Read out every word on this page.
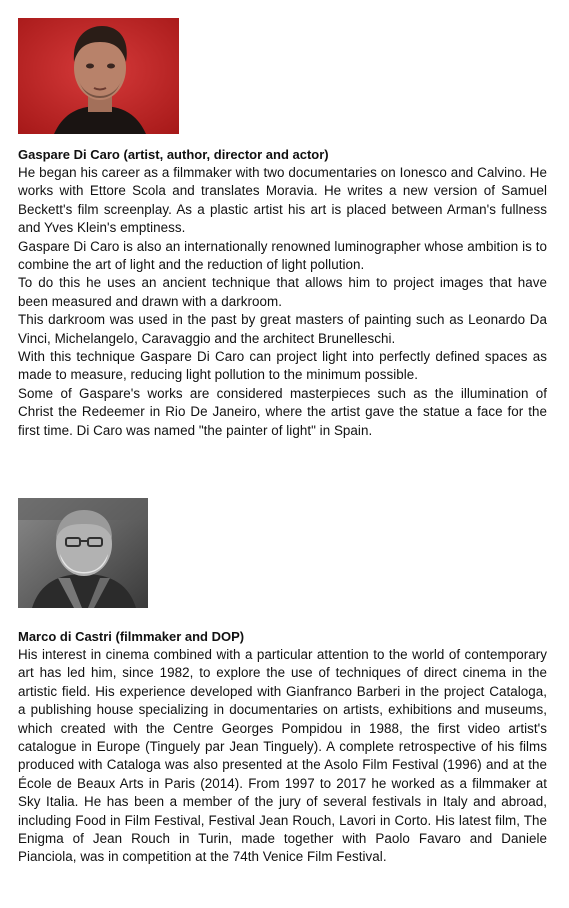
Gaspare Di Caro (artist, author, director and actor)

He began his career as a filmmaker with two documentaries on Ionesco and Calvino. He works with Ettore Scola and translates Moravia. He writes a new version of Samuel Beckett's film screenplay. As a plastic artist his art is placed between Arman's fullness and Yves Klein's emptiness.

Gaspare Di Caro is also an internationally renowned luminographer whose ambition is to combine the art of light and the reduction of light pollution.

To do this he uses an ancient technique that allows him to project images that have been measured and drawn with a darkroom.

This darkroom was used in the past by great masters of painting such as Leonardo Da Vinci, Michelangelo, Caravaggio and the architect Brunelleschi.

With this technique Gaspare Di Caro can project light into perfectly defined spaces as made to measure, reducing light pollution to the minimum possible.

Some of Gaspare's works are considered masterpieces such as the illumination of Christ the Redeemer in Rio De Janeiro, where the artist gave the statue a face for the first time. Di Caro was named "the painter of light" in Spain.

Marco di Castri (filmmaker and DOP)

His interest in cinema combined with a particular attention to the world of contemporary art has led him, since 1982, to explore the use of techniques of direct cinema in the artistic field. His experience developed with Gianfranco Barberi in the project Cataloga, a publishing house specializing in documentaries on artists, exhibitions and museums, which created with the Centre Georges Pompidou in 1988, the first video artist's catalogue in Europe (Tinguely par Jean Tinguely). A complete retrospective of his films produced with Cataloga was also presented at the Asolo Film Festival (1996) and at the École de Beaux Arts in Paris (2014). From 1997 to 2017 he worked as a filmmaker at Sky Italia. He has been a member of the jury of several festivals in Italy and abroad, including Food in Film Festival, Festival Jean Rouch, Lavori in Corto. His latest film, The Enigma of Jean Rouch in Turin, made together with Paolo Favaro and Daniele Pianciola, was in competition at the 74th Venice Film Festival.
